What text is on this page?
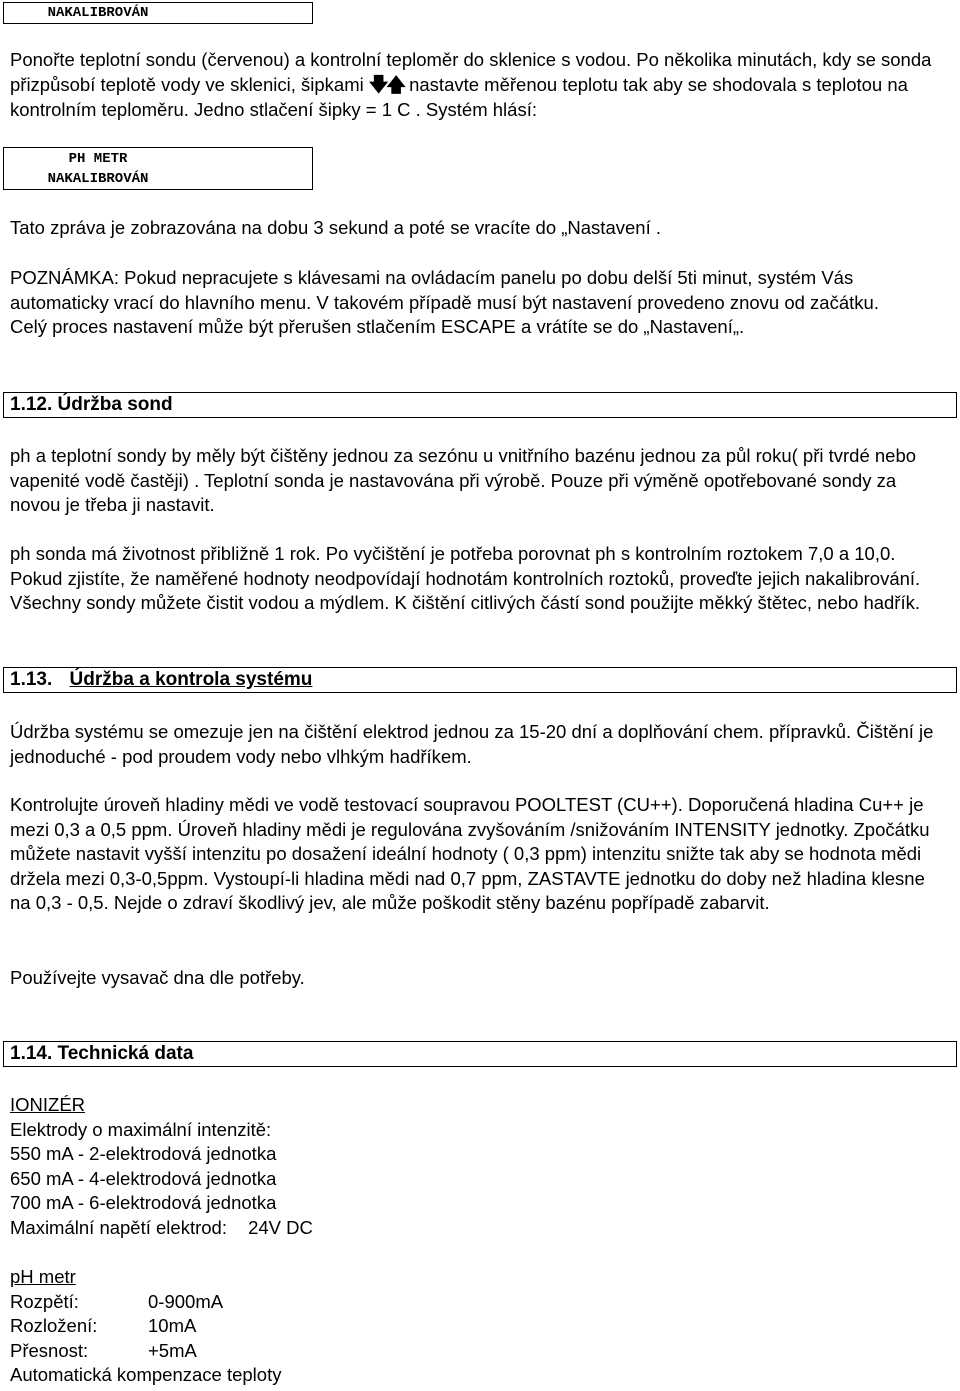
NAKALIBROVÁN

Ponořte teplotní sondu (červenou) a kontrolní teploměr do sklenice s vodou. Po několika minutách, kdy se sonda přizpůsobí teplotě vody ve sklenici, šipkami 🡇🡅 nastavte měřenou teplotu tak aby se shodovala s teplotou na kontrolním teploměru. Jedno stlačení šipky = 1 C . Systém hlásí:

PH METR
NAKALIBROVÁN

Tato zpráva je zobrazována na dobu 3 sekund a poté se vracíte do „Nastavení .

POZNÁMKA: Pokud nepracujete s klávesami na ovládacím panelu po dobu delší 5ti minut, systém Vás automaticky vrací do hlavního menu. V takovém případě musí být nastavení provedeno znovu od začátku.
Celý proces nastavení může být přerušen stlačením ESCAPE a vrátíte se do „Nastavení„.

1.12. Údržba sond

ph a teplotní sondy by měly být čištěny jednou za sezónu u vnitřního bazénu jednou za půl roku( při tvrdé nebo vapenité vodě častěji) . Teplotní sonda je nastavována při výrobě. Pouze při výměně opotřebované sondy za novou je třeba ji nastavit.

ph sonda má životnost přibližně 1 rok. Po vyčištění je potřeba porovnat ph s kontrolním roztokem 7,0 a 10,0. Pokud zjistíte, že naměřené hodnoty neodpovídají hodnotám kontrolních roztoků, proveďte jejich nakalibrování. Všechny sondy můžete čistit vodou a mýdlem. K čištění citlivých částí sond použijte měkký štětec, nebo hadřík.

1.13. Údržba a kontrola systému

Údržba systému se omezuje jen na čištění elektrod jednou za 15-20 dní a doplňování chem. přípravků. Čištění je jednoduché - pod proudem vody nebo vlhkým hadříkem.

Kontrolujte úroveň hladiny mědi ve vodě testovací soupravou POOLTEST (CU++). Doporučená hladina Cu++ je mezi 0,3 a 0,5 ppm. Úroveň hladiny mědi je regulována zvyšováním /snižováním INTENSITY jednotky. Zpočátku můžete nastavit vyšší intenzitu po dosažení ideální hodnoty ( 0,3 ppm) intenzitu snižte tak aby se hodnota mědi držela mezi 0,3-0,5ppm. Vystoupí-li hladina mědi nad 0,7 ppm, ZASTAVTE jednotku do doby než hladina klesne na 0,3 - 0,5. Nejde o zdraví škodlivý jev, ale může poškodit stěny bazénu popřípadě zabarvit.

Používejte vysavač dna dle potřeby.

1.14. Technická data

IONIZÉR
Elektrody o maximální intenzitě:
550 mA - 2-elektrodová jednotka
650 mA - 4-elektrodová jednotka
700 mA - 6-elektrodová jednotka
Maximální napětí elektrod: 24V DC

pH metr
Rozpětí:	0-900mA
Rozložení:	10mA
Přesnost:	+5mA
Automatická kompenzace teploty
